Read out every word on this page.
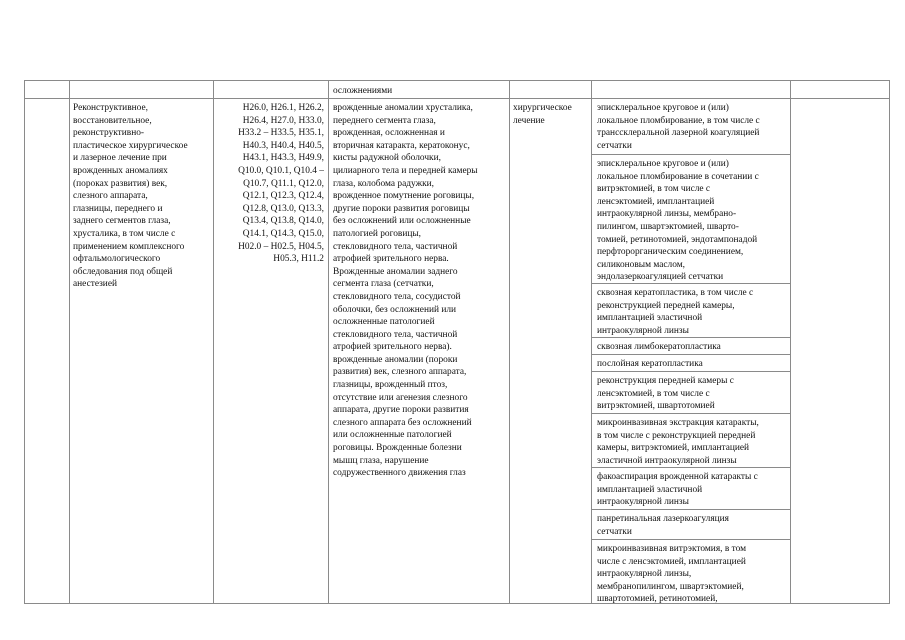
осложнениями
Реконструктивное,
восстановительное,
реконструктивно-
пластическое хирургическое
и лазерное лечение при
врожденных аномалиях
(пороках развития) век,
слезного аппарата,
глазницы, переднего и
заднего сегментов глаза,
хрусталика, в том числе с
применением комплексного
офтальмологического
обследования под общей
анестезией
H26.0, H26.1, H26.2,
H26.4, H27.0, H33.0,
H33.2 – H33.5, H35.1,
H40.3, H40.4, H40.5,
H43.1, H43.3, H49.9,
Q10.0, Q10.1, Q10.4 –
Q10.7, Q11.1, Q12.0,
Q12.1, Q12.3, Q12.4,
Q12.8, Q13.0, Q13.3,
Q13.4, Q13.8, Q14.0,
Q14.1, Q14.3, Q15.0,
H02.0 – H02.5, H04.5,
H05.3, H11.2
врожденные аномалии хрусталика,
переднего сегмента глаза,
врожденная, осложненная и
вторичная катаракта, кератоконус,
кисты радужной оболочки,
цилиарного тела и передней камеры
глаза, колобома радужки,
врожденное помутнение роговицы,
другие пороки развития роговицы
без осложнений или осложненные
патологией роговицы,
стекловидного тела, частичной
атрофией зрительного нерва.
Врожденные аномалии заднего
сегмента глаза (сетчатки,
стекловидного тела, сосудистой
оболочки, без осложнений или
осложненные патологией
стекловидного тела, частичной
атрофией зрительного нерва).
врожденные аномалии (пороки
развития) век, слезного аппарата,
глазницы, врожденный птоз,
отсутствие или агенезия слезного
аппарата, другие пороки развития
слезного аппарата без осложнений
или осложненные патологией
роговицы. Врожденные болезни
мышц глаза, нарушение
содружественного движения глаз
хирургическое
лечение
эписклеральное круговое и (или)
локальное пломбирование, в том числе с
транссклеральной лазерной коагуляцией
сетчатки
эписклеральное круговое и (или)
локальное пломбирование в сочетании с
витрэктомией, в том числе с
ленсэктомией, имплантацией
интраокулярной линзы, мембрано-
пилингом, швартэктомией, шварто-
томией, ретинотомией, эндотампонадой
перфторорганическим соединением,
силиконовым маслом,
эндолазеркоагуляцией сетчатки
сквозная кератопластика, в том числе с
реконструкцией передней камеры,
имплантацией эластичной
интраокулярной линзы
сквозная лимбокератопластика
послойная кератопластика
реконструкция передней камеры с
ленсэктомией, в том числе с
витрэктомией, швартотомией
микроинвазивная экстракция катаракты,
в том числе с реконструкцией передней
камеры, витрэктомией, имплантацией
эластичной интраокулярной линзы
факоаспирация врожденной катаракты с
имплантацией эластичной
интраокулярной линзы
панретинальная лазеркоагуляция
сетчатки
микроинвазивная витрэктомия, в том
числе с ленсэктомией, имплантацией
интраокулярной линзы,
мембранопилингом, швартэктомией,
швартотомией, ретинотомией,
